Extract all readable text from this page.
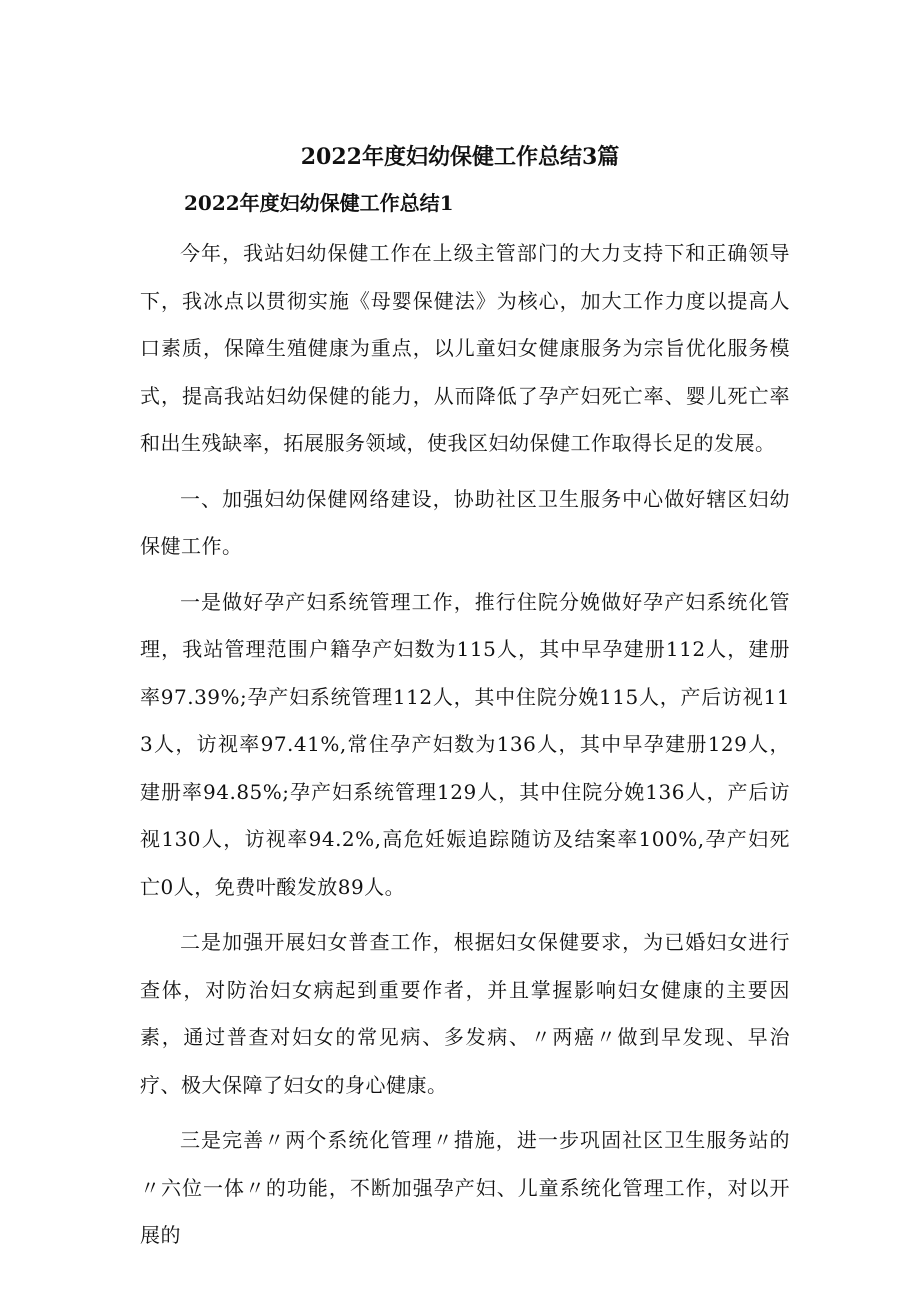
2022年度妇幼保健工作总结3篇
2022年度妇幼保健工作总结1

今年，我站妇幼保健工作在上级主管部门的大力支持下和正确领导下，我冰点以贯彻实施《母婴保健法》为核心，加大工作力度以提高人口素质，保障生殖健康为重点，以儿童妇女健康服务为宗旨优化服务模式，提高我站妇幼保健的能力，从而降低了孕产妇死亡率、婴儿死亡率和出生残缺率，拓展服务领域，使我区妇幼保健工作取得长足的发展。

一、加强妇幼保健网络建设，协助社区卫生服务中心做好辖区妇幼保健工作。

一是做好孕产妇系统管理工作，推行住院分娩做好孕产妇系统化管理，我站管理范围户籍孕产妇数为115人，其中早孕建册112人，建册率97.39%;孕产妇系统管理112人，其中住院分娩115人，产后访视113人，访视率97.41%,常住孕产妇数为136人，其中早孕建册129人，建册率94.85%;孕产妇系统管理129人，其中住院分娩136人，产后访视130人，访视率94.2%,高危妊娠追踪随访及结案率100%,孕产妇死亡0人，免费叶酸发放89人。

二是加强开展妇女普查工作，根据妇女保健要求，为已婚妇女进行查体，对防治妇女病起到重要作者，并且掌握影响妇女健康的主要因素，通过普查对妇女的常见病、多发病、〃两癌〃做到早发现、早治疗、极大保障了妇女的身心健康。

三是完善〃两个系统化管理〃措施，进一步巩固社区卫生服务站的〃六位一体〃的功能，不断加强孕产妇、儿童系统化管理工作，对以开展的
